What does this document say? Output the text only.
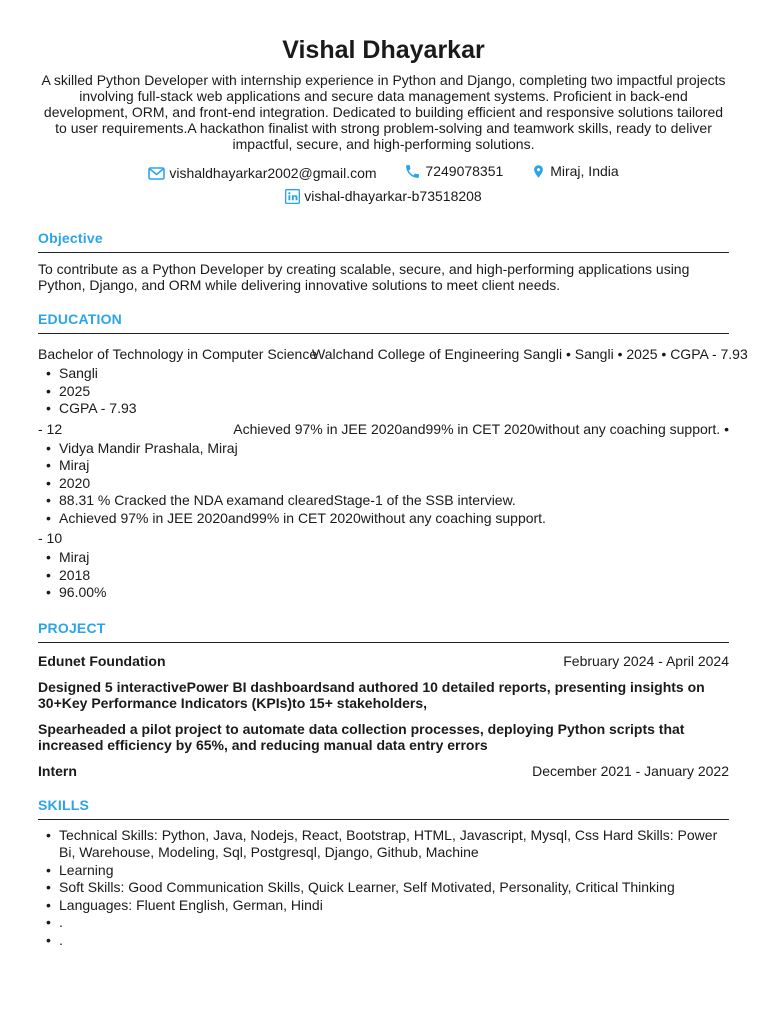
Vishal Dhayarkar
A skilled Python Developer with internship experience in Python and Django, completing two impactful projects involving full-stack web applications and secure data management systems. Proficient in back-end development, ORM, and front-end integration. Dedicated to building efficient and responsive solutions tailored to user requirements.A hackathon finalist with strong problem-solving and teamwork skills, ready to deliver impactful, secure, and high-performing solutions.
vishaldhayarkar2002@gmail.com
	7249078351
	Miraj, India

vishal-dhayarkar-b73518208
Objective
To contribute as a Python Developer by creating scalable, secure, and high-performing applications using Python, Django, and ORM while delivering innovative solutions to meet client needs.
EDUCATION
Bachelor of Technology in Computer Science
Walchand College of Engineering Sangli • Sangli • 2025 • CGPA - 7.93
• Sangli
• 2025
• CGPA - 7.93
- 12	Achieved 97% in JEE 2020and99% in CET 2020without any coaching support. •
• Vidya Mandir Prashala, Miraj
• Miraj
• 2020
• 88.31 % Cracked the NDA examand clearedStage-1 of the SSB interview.
• Achieved 97% in JEE 2020and99% in CET 2020without any coaching support.
- 10
• Miraj
• 2018
• 96.00%
PROJECT
Edunet Foundation	February 2024 - April 2024
Designed 5 interactivePower BI dashboardsand authored 10 detailed reports, presenting insights on 30+Key Performance Indicators (KPIs)to 15+ stakeholders,
Spearheaded a pilot project to automate data collection processes, deploying Python scripts that increased efficiency by 65%, and reducing manual data entry errors
Intern	December 2021 - January 2022
SKILLS
• Technical Skills: Python, Java, Nodejs, React, Bootstrap, HTML, Javascript, Mysql, Css Hard Skills: Power Bi, Warehouse, Modeling, Sql, Postgresql, Django, Github, Machine
• Learning
• Soft Skills: Good Communication Skills, Quick Learner, Self Motivated, Personality, Critical Thinking
• Languages: Fluent English, German, Hindi
• .
• .
